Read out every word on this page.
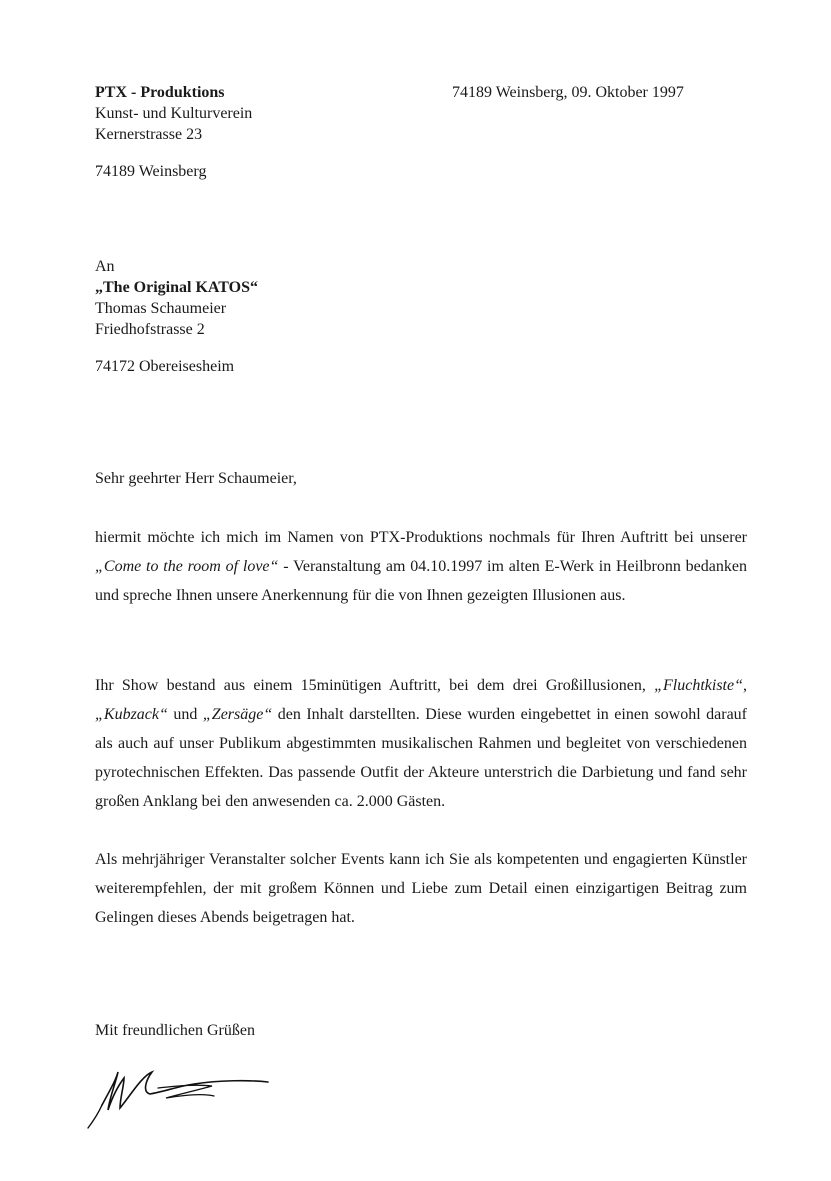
PTX - Produktions
Kunst- und Kulturverein
Kernerstrasse 23
74189 Weinsberg
74189 Weinsberg, 09. Oktober 1997
An
„The Original KATOS“
Thomas Schaumeier
Friedhofstrasse 2
74172 Obereisesheim
Sehr geehrter Herr Schaumeier,
hiermit möchte ich mich im Namen von PTX-Produktions nochmals für Ihren Auftritt bei unserer „Come to the room of love“ - Veranstaltung am 04.10.1997 im alten E-Werk in Heilbronn bedanken und spreche Ihnen unsere Anerkennung für die von Ihnen gezeigten Illusionen aus.
Ihr Show bestand aus einem 15minütigen Auftritt, bei dem drei Großillusionen, „Fluchtkiste“, „Kubzack“ und „Zersäge“ den Inhalt darstellten. Diese wurden eingebettet in einen sowohl darauf als auch auf unser Publikum abgestimmten musikalischen Rahmen und begleitet von verschiedenen pyrotechnischen Effekten. Das passende Outfit der Akteure unterstrich die Darbietung und fand sehr großen Anklang bei den anwesenden ca. 2.000 Gästen.
Als mehrjähriger Veranstalter solcher Events kann ich Sie als kompetenten und engagierten Künstler weiterempfehlen, der mit großem Können und Liebe zum Detail einen einzigartigen Beitrag zum Gelingen dieses Abends beigetragen hat.
Mit freundlichen Grüßen
